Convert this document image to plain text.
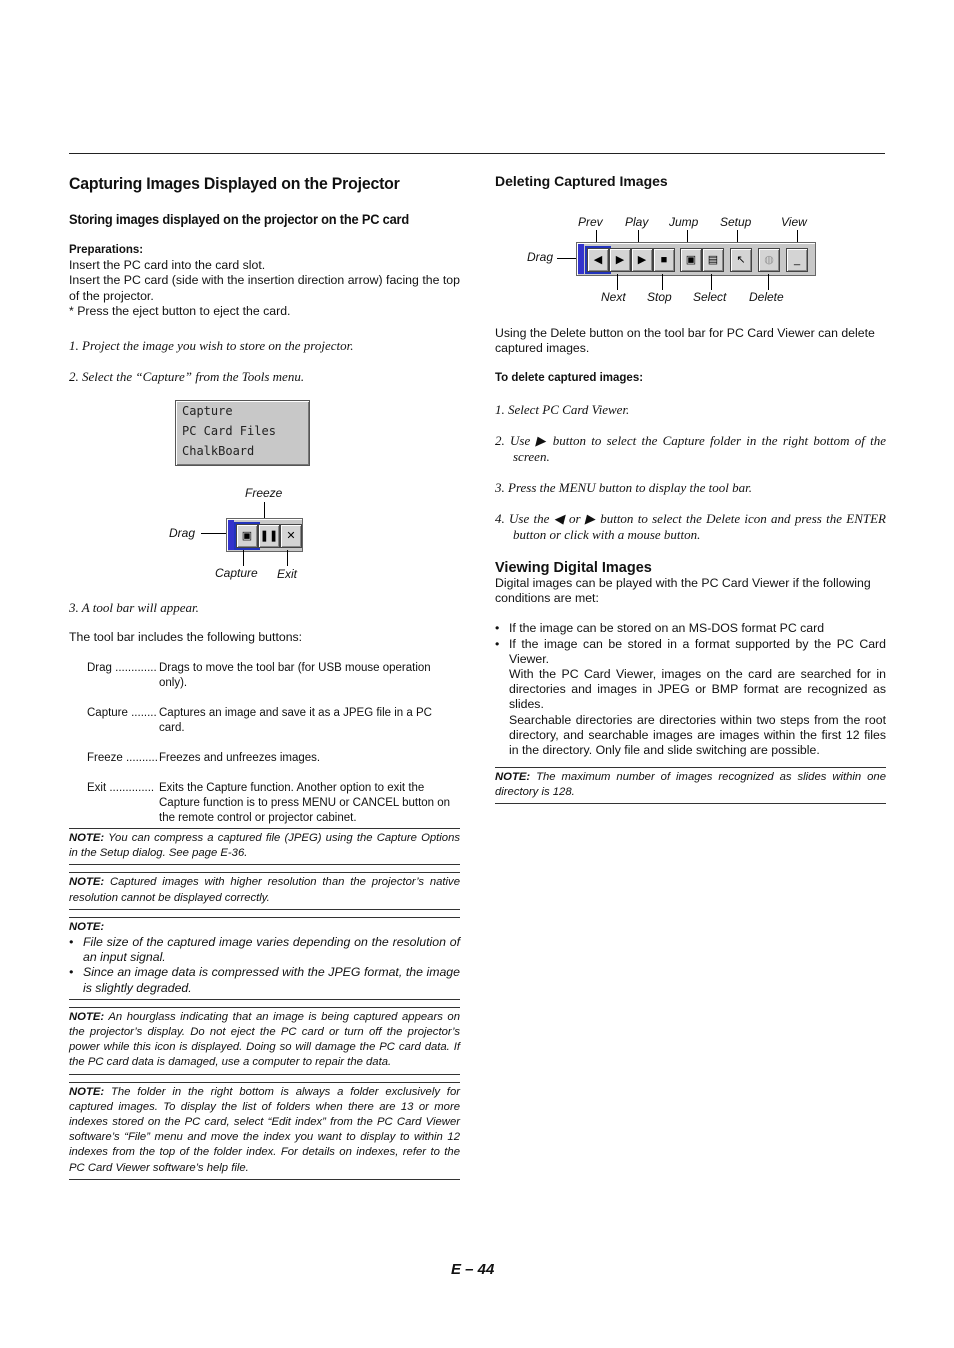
Capturing Images Displayed on the Projector
Storing images displayed on the projector on the PC card

Preparations:

Insert the PC card into the card slot.

Insert the PC card (side with the insertion direction arrow) facing the top of the projector.

* Press the eject button to eject the card.

1. Project the image you wish to store on the projector.

2. Select the “Capture” from the Tools menu.

Capture
PC Card Files
ChalkBoard
Freeze
Drag	▣ ❚❚ ✕
Capture Exit

3. A tool bar will appear.

The tool bar includes the following buttons:

Drag ............. Drags to move the tool bar (for USB mouse operation only).
Capture ........ Captures an image and save it as a JPEG file in a PC card.
Freeze .......... Freezes and unfreezes images.
Exit .............. Exits the Capture function. Another option to exit the Capture function is to press MENU or CANCEL button on the remote control or projector cabinet.

NOTE: You can compress a captured file (JPEG) using the Capture Options in the Setup dialog. See page E-36.

NOTE: Captured images with higher resolution than the projector’s native resolution cannot be displayed correctly.

NOTE:

• File size of the captured image varies depending on the resolution of an input signal.
• Since an image data is compressed with the JPEG format, the image is slightly degraded.

NOTE: An hourglass indicating that an image is being captured appears on the projector’s display. Do not eject the PC card or turn off the projector’s power while this icon is displayed. Doing so will damage the PC card data. If the PC card data is damaged, use a computer to repair the data.

NOTE: The folder in the right bottom is always a folder exclusively for captured images. To display the list of folders when there are 13 or more indexes stored on the PC card, select “Edit index” from the PC Card Viewer software’s “File” menu and move the index you want to display to within 12 indexes from the top of the folder index. For details on indexes, refer to the PC Card Viewer software’s help file.

Deleting Captured Images
Prev Play Jump Setup View
Drag	◀	▶	▶	■	▣	▤	↖	◍	_
Next Stop Select Delete

Using the Delete button on the tool bar for PC Card Viewer can delete captured images.

To delete captured images:

1. Select PC Card Viewer.

2. Use ▶ button to select the Capture folder in the right bottom of the screen.

3. Press the MENU button to display the tool bar.

4. Use the ◀ or ▶ button to select the Delete icon and press the ENTER button or click with a mouse button.

Viewing Digital Images

Digital images can be played with the PC Card Viewer if the following conditions are met:

• If the image can be stored on an MS-DOS format PC card
• If the image can be stored in a format supported by the PC Card Viewer.

With the PC Card Viewer, images on the card are searched for in directories and images in JPEG or BMP format are recognized as slides.

Searchable directories are directories within two steps from the root directory, and searchable images are images within the first 12 files in the directory. Only file and slide switching are possible.

NOTE: The maximum number of images recognized as slides within one directory is 128.

E – 44
